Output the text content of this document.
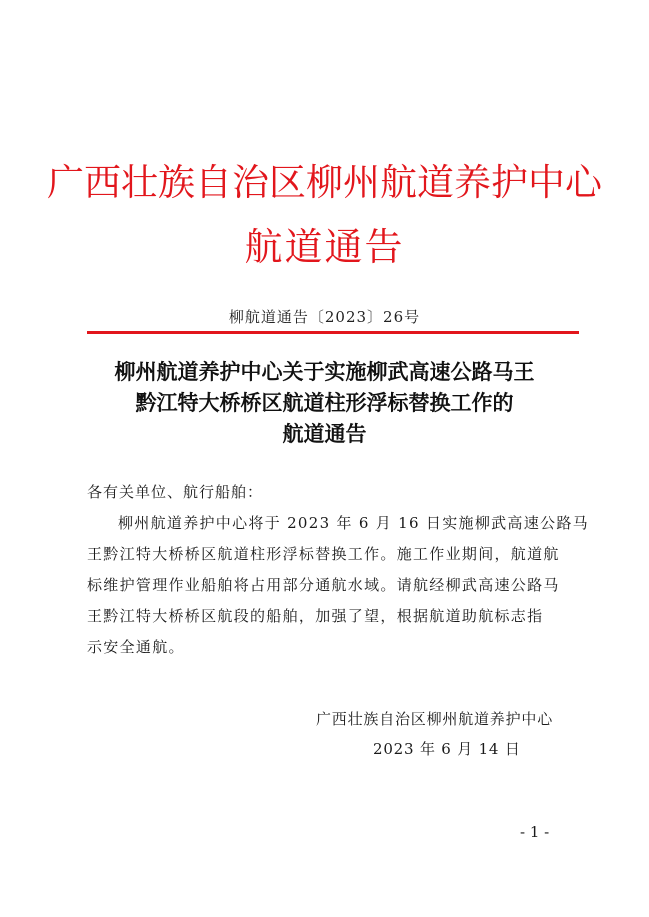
广西壮族自治区柳州航道养护中心
航道通告
柳航道通告〔2023〕26号
柳州航道养护中心关于实施柳武高速公路马王
黔江特大桥桥区航道柱形浮标替换工作的
航道通告
各有关单位、航行船舶：
柳州航道养护中心将于 2023 年 6 月 16 日实施柳武高速公路马
王黔江特大桥桥区航道柱形浮标替换工作。施工作业期间，航道航
标维护管理作业船舶将占用部分通航水域。请航经柳武高速公路马
王黔江特大桥桥区航段的船舶，加强了望，根据航道助航标志指
示安全通航。
广西壮族自治区柳州航道养护中心
2023 年 6 月 14 日
- 1 -
